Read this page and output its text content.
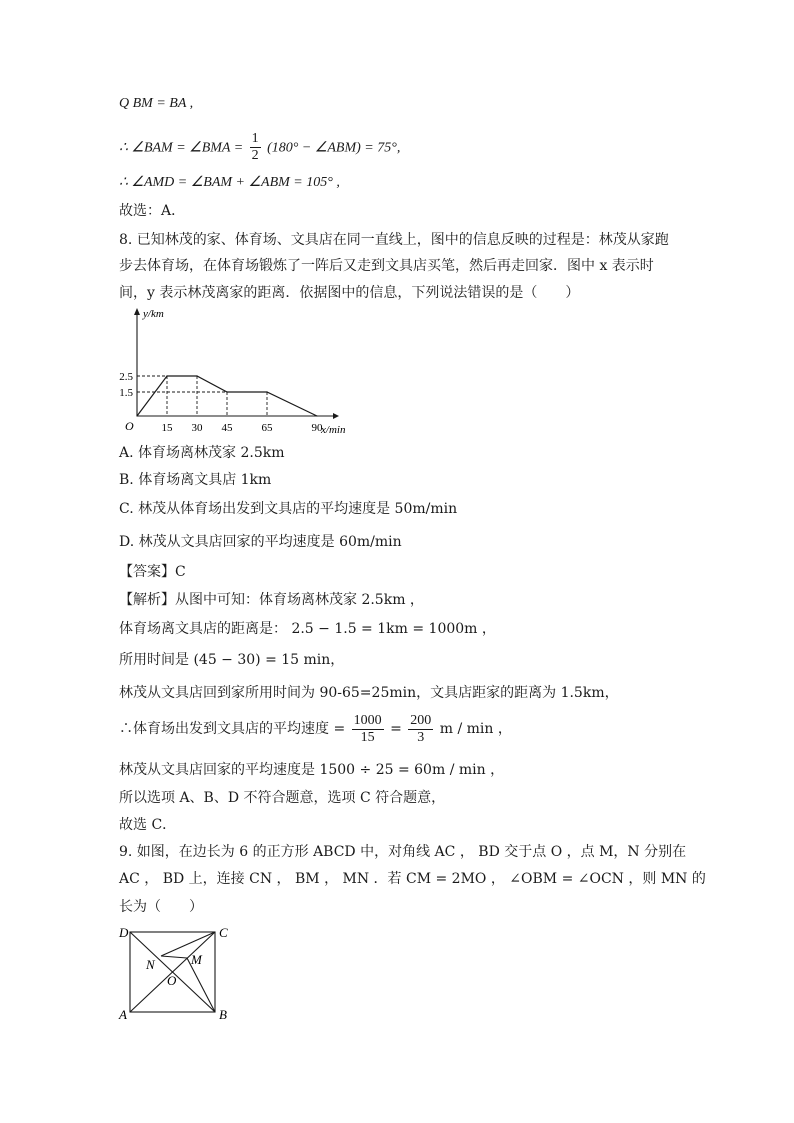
Q BM = BA ,
∴ ∠BAM = ∠BMA = $\frac{1}{2} (180^\circ$ − ∠ABM) = 75°,
∴ ∠AMD = ∠BAM + ∠ABM = 105° ,
故选：A．
8. 已知林茂的家、体育场、文具店在同一直线上，图中的信息反映的过程是：林茂从家跑
步去体育场，在体育场锻炼了一阵后又走到文具店买笔，然后再走回家．图中 x 表示时
间，y 表示林茂离家的距离．依据图中的信息，下列说法错误的是（　　）
15 30 45	65	90
2.5
1.5
O	x/min
y/km
A. 体育场离林茂家 2.5km
B. 体育场离文具店 1km
C. 林茂从体育场出发到文具店的平均速度是 50m/min
D. 林茂从文具店回家的平均速度是 60m/min
【答案】C
【解析】从图中可知：体育场离林茂家 2.5km ，
体育场离文具店的距离是： 2.5 − 1.5 = 1km = 1000m ，
所用时间是 (45 − 30) = 15 min，
林茂从文具店回到家所用时间为 90-65=25min，文具店距家的距离为 1.5km，
∴体育场出发到文具店的平均速度 = $\frac{1000}{15} = \frac{200}{3}$ m / min ，
林茂从文具店回家的平均速度是 1500 ÷ 25 = 60m / min ，
所以选项 A、B、D 不符合题意，选项 C 符合题意，
故选 C．
9. 如图，在边长为 6 的正方形 ABCD 中，对角线 AC ， BD 交于点 O ，点 M，N 分别在
AC ， BD 上，连接 CN ， BM ， MN ．若 CM = 2MO ， ∠OBM = ∠OCN ，则 MN 的
长为（　　）
D	C
A	B
N	M
O
